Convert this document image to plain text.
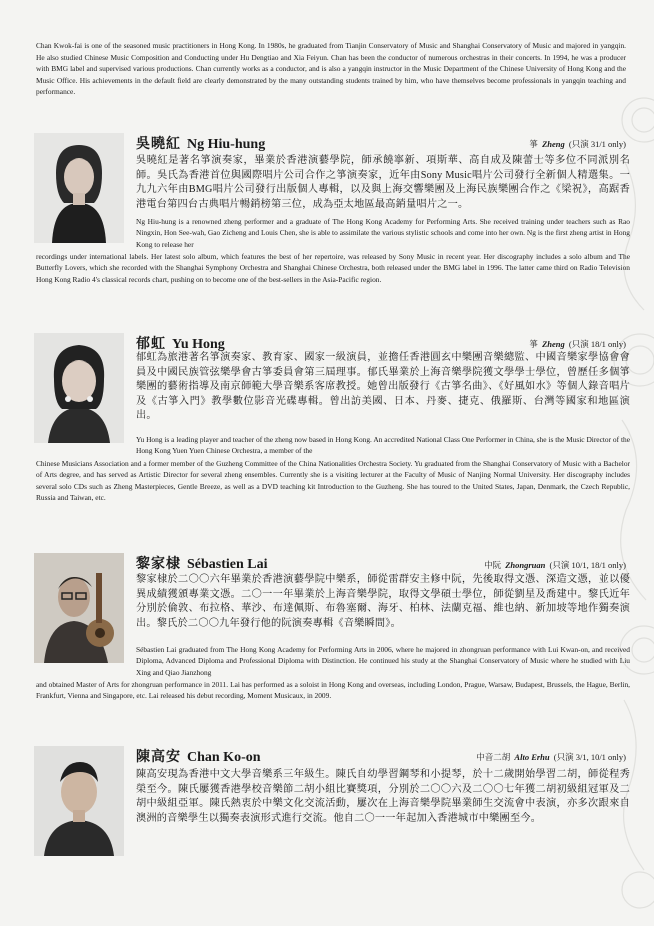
Chan Kwok-fai is one of the seasoned music practitioners in Hong Kong. In 1980s, he graduated from Tianjin Conservatory of Music and Shanghai Conservatory of Music and majored in yangqin. He also studied Chinese Music Composition and Conducting under Hu Dengtiao and Xia Feiyun. Chan has been the conductor of numerous orchestras in their concerts. In 1994, he was a producer with BMG label and supervised various productions. Chan currently works as a conductor, and is also a yangqin instructor in the Music Department of the Chinese University of Hong Kong and the Music Office. His achievements in the default field are clearly demonstrated by the many outstanding students trained by him, who have themselves become professionals in yangqin teaching and performance.

吳曉紅 Ng Hiu-hung	箏 Zheng (只演 31/1 only)

吳曉紅是著名箏演奏家，畢業於香港演藝學院，師承饒寧新、項斯華、高自成及陳蕾士等多位不同派別名師。吳氏為香港首位與國際唱片公司合作之箏演奏家，近年由Sony Music唱片公司發行全新個人精選集。一九九六年由BMG唱片公司發行出版個人專輯，以及與上海交響樂團及上海民族樂團合作之《梁祝》，高踞香港電台第四台古典唱片暢銷榜第三位，成為亞太地區最高銷量唱片之一。

Ng Hiu-hung is a renowned zheng performer and a graduate of The Hong Kong Academy for Performing Arts. She received training under teachers such as Rao Ningxin, Hon See-wah, Gao Zicheng and Louis Chen, she is able to assimilate the various stylistic schools and come into her own. Ng is the first zheng artist in Hong Kong to release her

recordings under international labels. Her latest solo album, which features the best of her repertoire, was released by Sony Music in recent year. Her discography includes a solo album and The Butterfly Lovers, which she recorded with the Shanghai Symphony Orchestra and Shanghai Chinese Orchestra, both released under the BMG label in 1996. The latter came third on Radio Television Hong Kong Radio 4's classical records chart, pushing on to become one of the best-sellers in the Asia-Pacific region.

郁虹 Yu Hong	箏 Zheng (只演 18/1 only)

郁虹為旅港著名箏演奏家、教育家、國家一級演員，並擔任香港圓玄中樂團音樂總監、中國音樂家學協會會員及中國民族管弦樂學會古箏委員會第三屆理事。郁氏畢業於上海音樂學院獲文學學士學位，曾歷任多個箏樂團的藝術指導及南京師範大學音樂系客席教授。她曾出版發行《古箏名曲》、《好風如水》等個人錄音唱片及《古箏入門》教學數位影音光碟專輯。曾出訪美國、日本、丹麥、捷克、俄羅斯、台灣等國家和地區演出。

Yu Hong is a leading player and teacher of the zheng now based in Hong Kong. An accredited National Class One Performer in China, she is the Music Director of the Hong Kong Yuen Yuen Chinese Orchestra, a member of the

Chinese Musicians Association and a former member of the Guzheng Committee of the China Nationalities Orchestra Society. Yu graduated from the Shanghai Conservatory of Music with a Bachelor of Arts degree, and has served as Artistic Director for several zheng ensembles. Currently she is a visiting lecturer at the Faculty of Music of Nanjing Normal University. Her discography includes several solo CDs such as Zheng Masterpieces, Gentle Breeze, as well as a DVD teaching kit Introduction to the Guzheng. She has toured to the United States, Japan, Denmark, the Czech Republic, Russia and Taiwan, etc.

黎家棣 Sébastien Lai	中阮 Zhongruan (只演 10/1, 18/1 only)

黎家棣於二〇〇六年畢業於香港演藝學院中樂系，師從雷群安主修中阮，先後取得文憑、深造文憑，並以優異成績獲頒專業文憑。二〇一一年畢業於上海音樂學院，取得文學碩士學位，師從劉星及喬建中。黎氏近年分別於倫敦、布拉格、華沙、布達佩斯、布魯塞爾、海牙、柏林、法蘭克福、維也納、新加坡等地作獨奏演出。黎氏於二〇〇九年發行他的阮演奏專輯《音樂瞬間》。

Sébastien Lai graduated from The Hong Kong Academy for Performing Arts in 2006, where he majored in zhongruan performance with Lui Kwan-on, and received Diploma, Advanced Diploma and Professional Diploma with Distinction. He continued his study at the Shanghai Conservatory of Music where he studied with Liu Xing and Qiao Jianzhong

and obtained Master of Arts for zhongruan performance in 2011. Lai has performed as a soloist in Hong Kong and overseas, including London, Prague, Warsaw, Budapest, Brussels, the Hague, Berlin, Frankfurt, Vienna and Singapore, etc. Lai released his debut recording, Moment Musicaux, in 2009.

陳高安 Chan Ko-on	中音二胡 Alto Erhu (只演 3/1, 10/1 only)

陳高安現為香港中文大學音樂系三年級生。陳氏自幼學習鋼琴和小提琴，於十二歲開始學習二胡，師從程秀榮至今。陳氏屢獲香港學校音樂節二胡小組比賽獎項，分別於二〇〇六及二〇〇七年獲二胡初級組冠軍及二胡中級組亞軍。陳氏熱衷於中樂文化交流活動，屢次在上海音樂學院畢業師生交流會中表演，亦多次跟來自澳洲的音樂學生以獨奏表演形式進行交流。他自二〇一一年起加入香港城市中樂團至今。
